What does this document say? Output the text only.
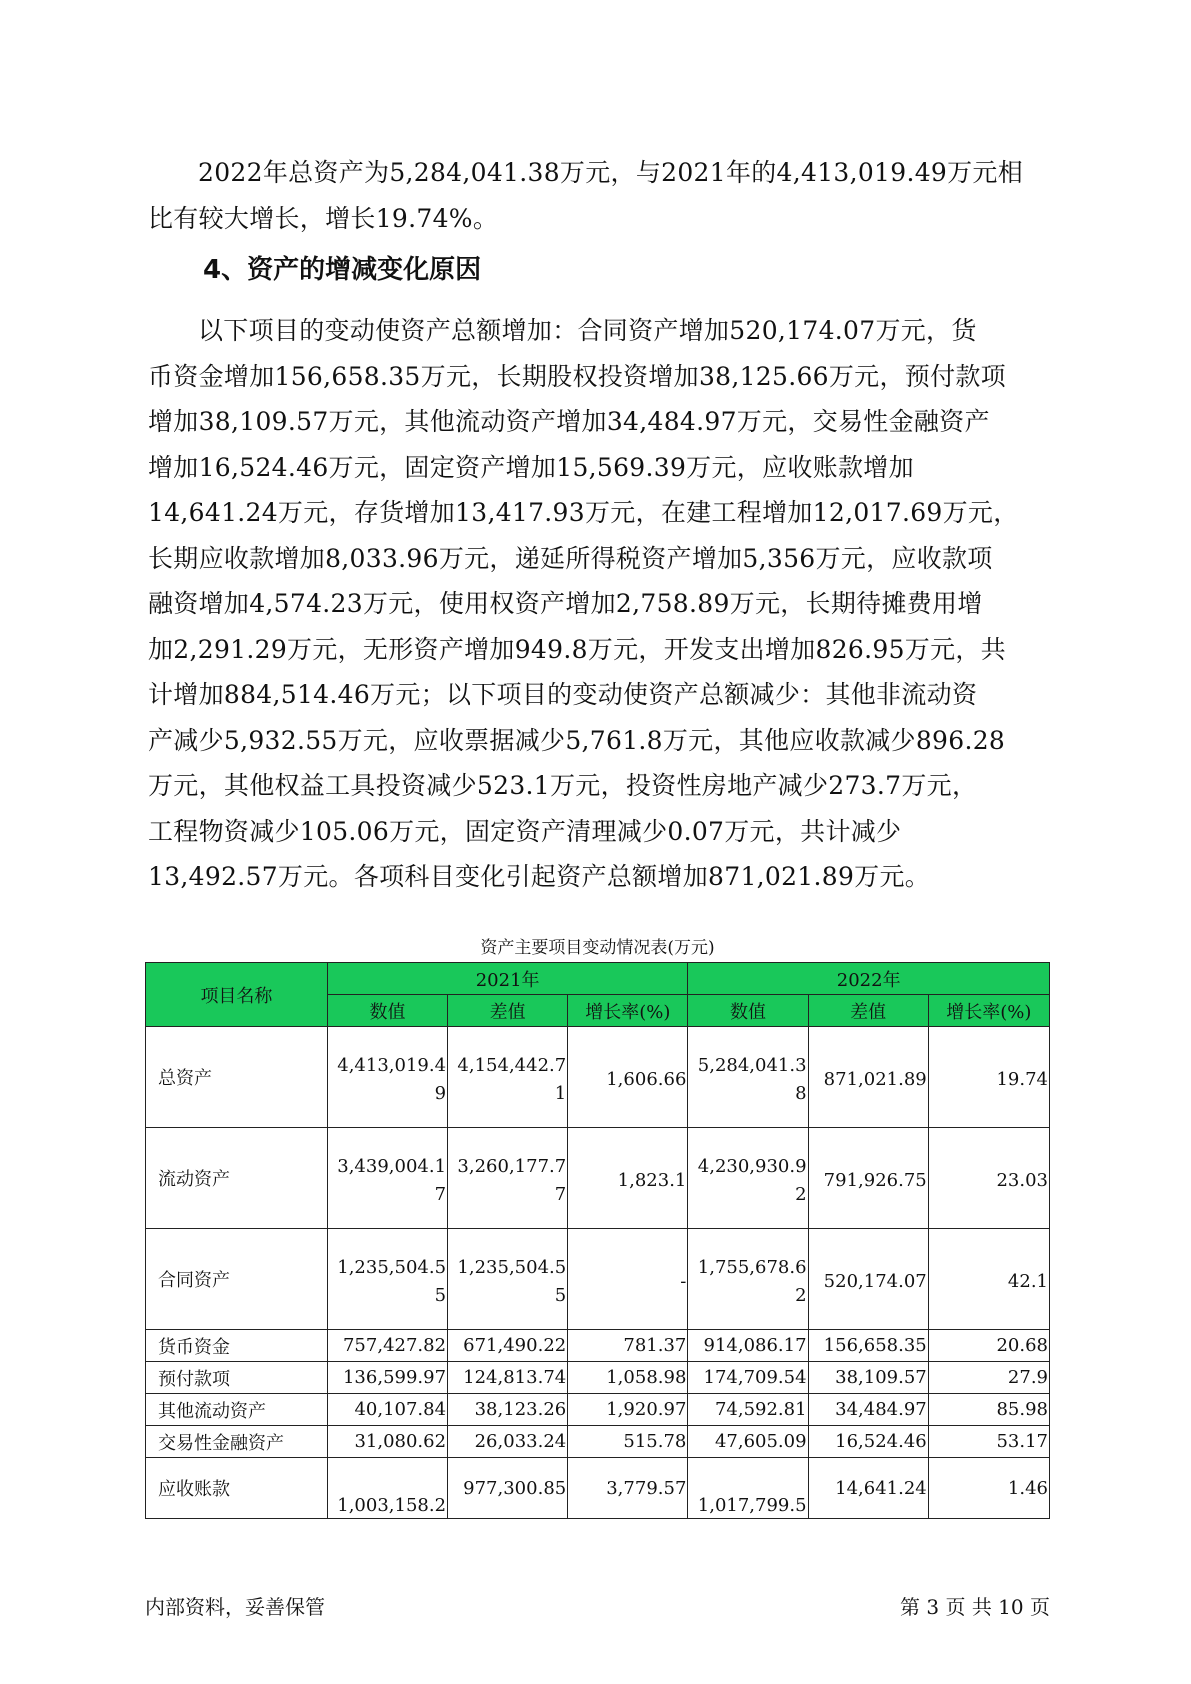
2022年总资产为5,284,041.38万元，与2021年的4,413,019.49万元相
比有较大增长，增长19.74%。
4、资产的增减变化原因
以下项目的变动使资产总额增加：合同资产增加520,174.07万元，货
币资金增加156,658.35万元，长期股权投资增加38,125.66万元，预付款项
增加38,109.57万元，其他流动资产增加34,484.97万元，交易性金融资产
增加16,524.46万元，固定资产增加15,569.39万元，应收账款增加
14,641.24万元，存货增加13,417.93万元，在建工程增加12,017.69万元，
长期应收款增加8,033.96万元，递延所得税资产增加5,356万元，应收款项
融资增加4,574.23万元，使用权资产增加2,758.89万元，长期待摊费用增
加2,291.29万元，无形资产增加949.8万元，开发支出增加826.95万元，共
计增加884,514.46万元；以下项目的变动使资产总额减少：其他非流动资
产减少5,932.55万元，应收票据减少5,761.8万元，其他应收款减少896.28
万元，其他权益工具投资减少523.1万元，投资性房地产减少273.7万元，
工程物资减少105.06万元，固定资产清理减少0.07万元，共计减少
13,492.57万元。各项科目变化引起资产总额增加871,021.89万元。
资产主要项目变动情况表(万元)
项目名称	2021年			2022年		
	数值	差值	增长率(%)	数值	差值	增长率(%)
总资产	4,413,019.49	4,154,442.71	1,606.66	5,284,041.38	871,021.89	19.74
流动资产	3,439,004.17	3,260,177.77	1,823.1	4,230,930.92	791,926.75	23.03
合同资产	1,235,504.55	1,235,504.55	-	1,755,678.62	520,174.07	42.1
货币资金	757,427.82	671,490.22	781.37	914,086.17	156,658.35	20.68
预付款项	136,599.97	124,813.74	1,058.98	174,709.54	38,109.57	27.9
其他流动资产	40,107.84	38,123.26	1,920.97	74,592.81	34,484.97	85.98
交易性金融资产	31,080.62	26,033.24	515.78	47,605.09	16,524.46	53.17
应收账款	1,003,158.2	977,300.85	3,779.57	1,017,799.5	14,641.24	1.46
内部资料，妥善保管	第 3 页 共 10 页
